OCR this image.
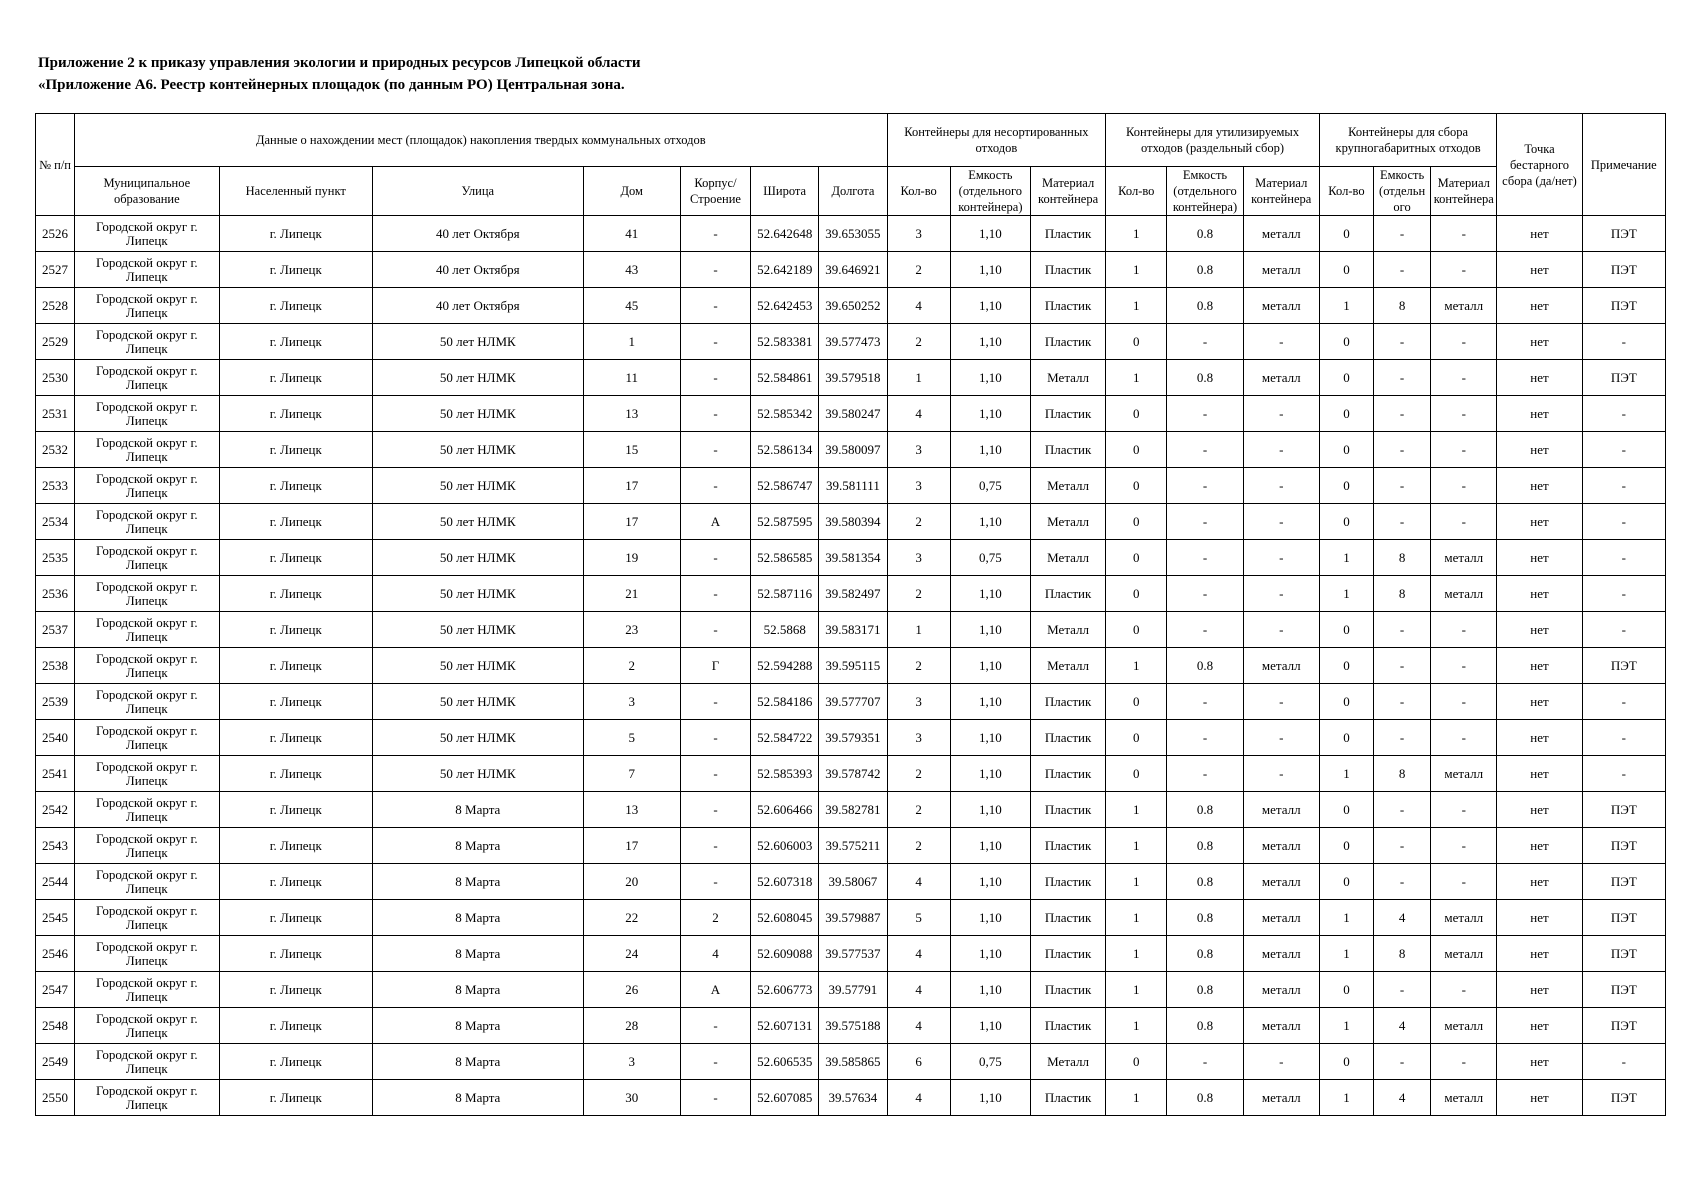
Приложение 2 к приказу управления экологии и природных ресурсов Липецкой области
«Приложение А6. Реестр контейнерных площадок (по данным РО) Центральная зона.
№ п/п	Данные о нахождении мест (площадок) накопления твердых коммунальных отходов							Контейнеры для несортированных отходов			Контейнеры для утилизируемых отходов (раздельный сбор)			Контейнеры для сбора крупногабаритных отходов			Точка бестарного сбора (да/нет)	Примечание
	Муниципальное образование	Населенный пункт	Улица	Дом	Корпус/ Строение	Широта	Долгота	Кол-во	Емкость (отдельного контейнера)	Материал контейнера	Кол-во	Емкость (отдельного контейнера)	Материал контейнера	Кол-во	Емкость (отдельн ого	Материал контейнера		
2526	Городской округ г. Липецк	г. Липецк	40 лет Октября	41	-	52.642648	39.653055	3	1,10	Пластик	1	0.8	металл	0	-	-	нет	ПЭТ
2527	Городской округ г. Липецк	г. Липецк	40 лет Октября	43	-	52.642189	39.646921	2	1,10	Пластик	1	0.8	металл	0	-	-	нет	ПЭТ
2528	Городской округ г. Липецк	г. Липецк	40 лет Октября	45	-	52.642453	39.650252	4	1,10	Пластик	1	0.8	металл	1	8	металл	нет	ПЭТ
2529	Городской округ г. Липецк	г. Липецк	50 лет НЛМК	1	-	52.583381	39.577473	2	1,10	Пластик	0	-	-	0	-	-	нет	-
2530	Городской округ г. Липецк	г. Липецк	50 лет НЛМК	11	-	52.584861	39.579518	1	1,10	Металл	1	0.8	металл	0	-	-	нет	ПЭТ
2531	Городской округ г. Липецк	г. Липецк	50 лет НЛМК	13	-	52.585342	39.580247	4	1,10	Пластик	0	-	-	0	-	-	нет	-
2532	Городской округ г. Липецк	г. Липецк	50 лет НЛМК	15	-	52.586134	39.580097	3	1,10	Пластик	0	-	-	0	-	-	нет	-
2533	Городской округ г. Липецк	г. Липецк	50 лет НЛМК	17	-	52.586747	39.581111	3	0,75	Металл	0	-	-	0	-	-	нет	-
2534	Городской округ г. Липецк	г. Липецк	50 лет НЛМК	17	А	52.587595	39.580394	2	1,10	Металл	0	-	-	0	-	-	нет	-
2535	Городской округ г. Липецк	г. Липецк	50 лет НЛМК	19	-	52.586585	39.581354	3	0,75	Металл	0	-	-	1	8	металл	нет	-
2536	Городской округ г. Липецк	г. Липецк	50 лет НЛМК	21	-	52.587116	39.582497	2	1,10	Пластик	0	-	-	1	8	металл	нет	-
2537	Городской округ г. Липецк	г. Липецк	50 лет НЛМК	23	-	52.5868	39.583171	1	1,10	Металл	0	-	-	0	-	-	нет	-
2538	Городской округ г. Липецк	г. Липецк	50 лет НЛМК	2	Г	52.594288	39.595115	2	1,10	Металл	1	0.8	металл	0	-	-	нет	ПЭТ
2539	Городской округ г. Липецк	г. Липецк	50 лет НЛМК	3	-	52.584186	39.577707	3	1,10	Пластик	0	-	-	0	-	-	нет	-
2540	Городской округ г. Липецк	г. Липецк	50 лет НЛМК	5	-	52.584722	39.579351	3	1,10	Пластик	0	-	-	0	-	-	нет	-
2541	Городской округ г. Липецк	г. Липецк	50 лет НЛМК	7	-	52.585393	39.578742	2	1,10	Пластик	0	-	-	1	8	металл	нет	-
2542	Городской округ г. Липецк	г. Липецк	8 Марта	13	-	52.606466	39.582781	2	1,10	Пластик	1	0.8	металл	0	-	-	нет	ПЭТ
2543	Городской округ г. Липецк	г. Липецк	8 Марта	17	-	52.606003	39.575211	2	1,10	Пластик	1	0.8	металл	0	-	-	нет	ПЭТ
2544	Городской округ г. Липецк	г. Липецк	8 Марта	20	-	52.607318	39.58067	4	1,10	Пластик	1	0.8	металл	0	-	-	нет	ПЭТ
2545	Городской округ г. Липецк	г. Липецк	8 Марта	22	2	52.608045	39.579887	5	1,10	Пластик	1	0.8	металл	1	4	металл	нет	ПЭТ
2546	Городской округ г. Липецк	г. Липецк	8 Марта	24	4	52.609088	39.577537	4	1,10	Пластик	1	0.8	металл	1	8	металл	нет	ПЭТ
2547	Городской округ г. Липецк	г. Липецк	8 Марта	26	А	52.606773	39.57791	4	1,10	Пластик	1	0.8	металл	0	-	-	нет	ПЭТ
2548	Городской округ г. Липецк	г. Липецк	8 Марта	28	-	52.607131	39.575188	4	1,10	Пластик	1	0.8	металл	1	4	металл	нет	ПЭТ
2549	Городской округ г. Липецк	г. Липецк	8 Марта	3	-	52.606535	39.585865	6	0,75	Металл	0	-	-	0	-	-	нет	-
2550	Городской округ г. Липецк	г. Липецк	8 Марта	30	-	52.607085	39.57634	4	1,10	Пластик	1	0.8	металл	1	4	металл	нет	ПЭТ
